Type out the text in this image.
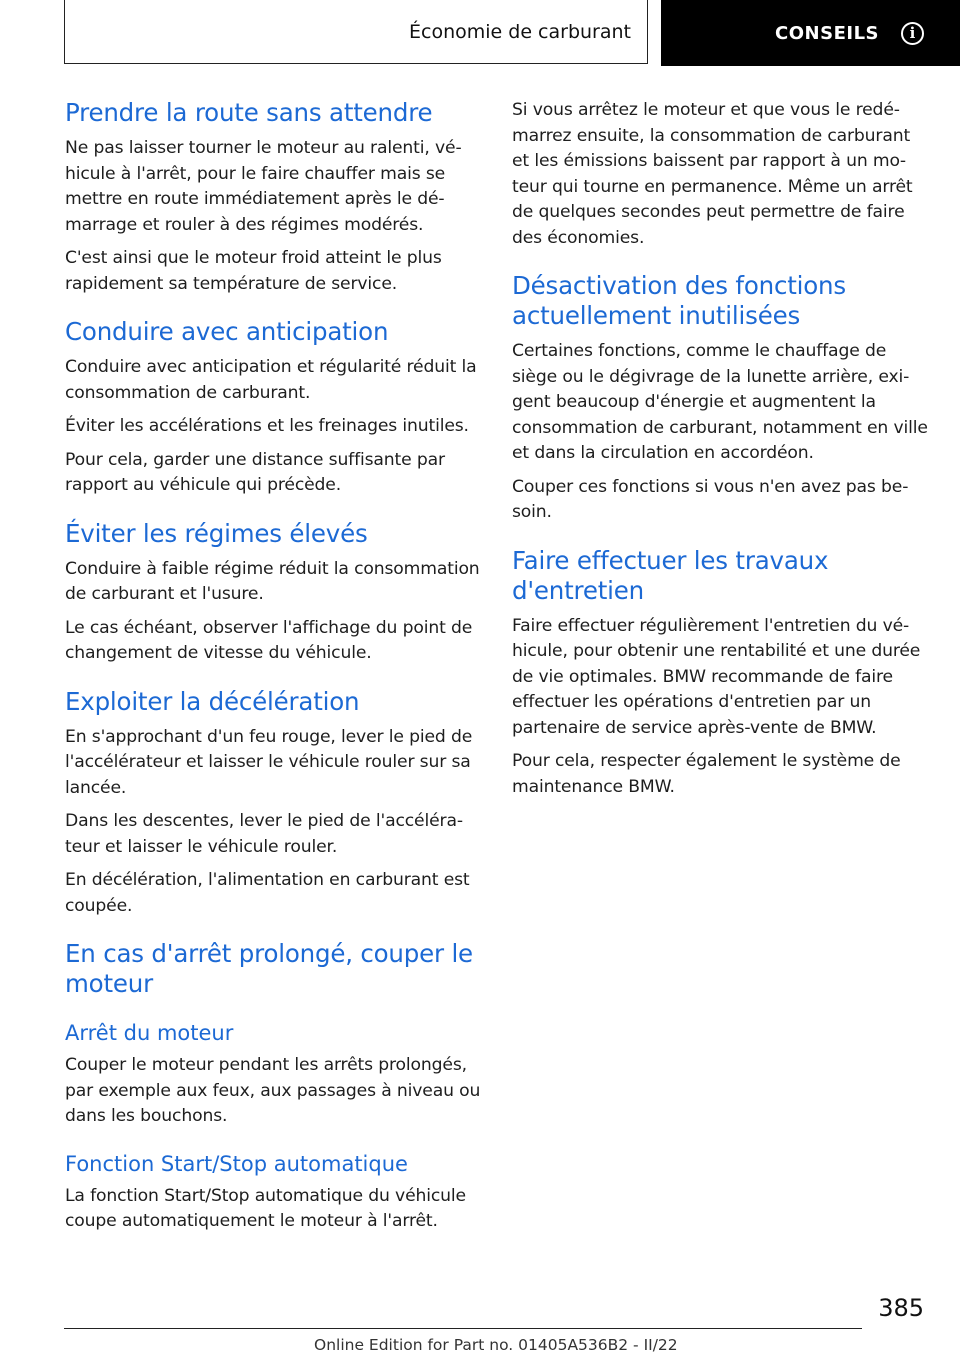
Économie de carburant	CONSEILS	i
Prendre la route sans attendre

Ne pas laisser tourner le moteur au ralenti, véhicule à l'arrêt, pour le faire chauffer mais se mettre en route immédiatement après le démarrage et rouler à des régimes modérés.

C'est ainsi que le moteur froid atteint le plus rapidement sa température de service.

Conduire avec anticipation

Conduire avec anticipation et régularité réduit la consommation de carburant.

Éviter les accélérations et les freinages inutiles.

Pour cela, garder une distance suffisante par rapport au véhicule qui précède.

Éviter les régimes élevés

Conduire à faible régime réduit la consommation de carburant et l'usure.

Le cas échéant, observer l'affichage du point de changement de vitesse du véhicule.

Exploiter la décélération

En s'approchant d'un feu rouge, lever le pied de l'accélérateur et laisser le véhicule rouler sur sa lancée.

Dans les descentes, lever le pied de l'accélérateur et laisser le véhicule rouler.

En décélération, l'alimentation en carburant est coupée.

En cas d'arrêt prolongé, couper le moteur
Arrêt du moteur

Couper le moteur pendant les arrêts prolongés, par exemple aux feux, aux passages à niveau ou dans les bouchons.

Fonction Start/Stop automatique

La fonction Start/Stop automatique du véhicule coupe automatiquement le moteur à l'arrêt.

Si vous arrêtez le moteur et que vous le redémarrez ensuite, la consommation de carburant et les émissions baissent par rapport à un moteur qui tourne en permanence. Même un arrêt de quelques secondes peut permettre de faire des économies.

Désactivation des fonctions actuellement inutilisées

Certaines fonctions, comme le chauffage de siège ou le dégivrage de la lunette arrière, exigent beaucoup d'énergie et augmentent la consommation de carburant, notamment en ville et dans la circulation en accordéon.

Couper ces fonctions si vous n'en avez pas besoin.

Faire effectuer les travaux d'entretien

Faire effectuer régulièrement l'entretien du véhicule, pour obtenir une rentabilité et une durée de vie optimales. BMW recommande de faire effectuer les opérations d'entretien par un partenaire de service après-vente de BMW.

Pour cela, respecter également le système de maintenance BMW.

385
Online Edition for Part no. 01405A536B2 - II/22
